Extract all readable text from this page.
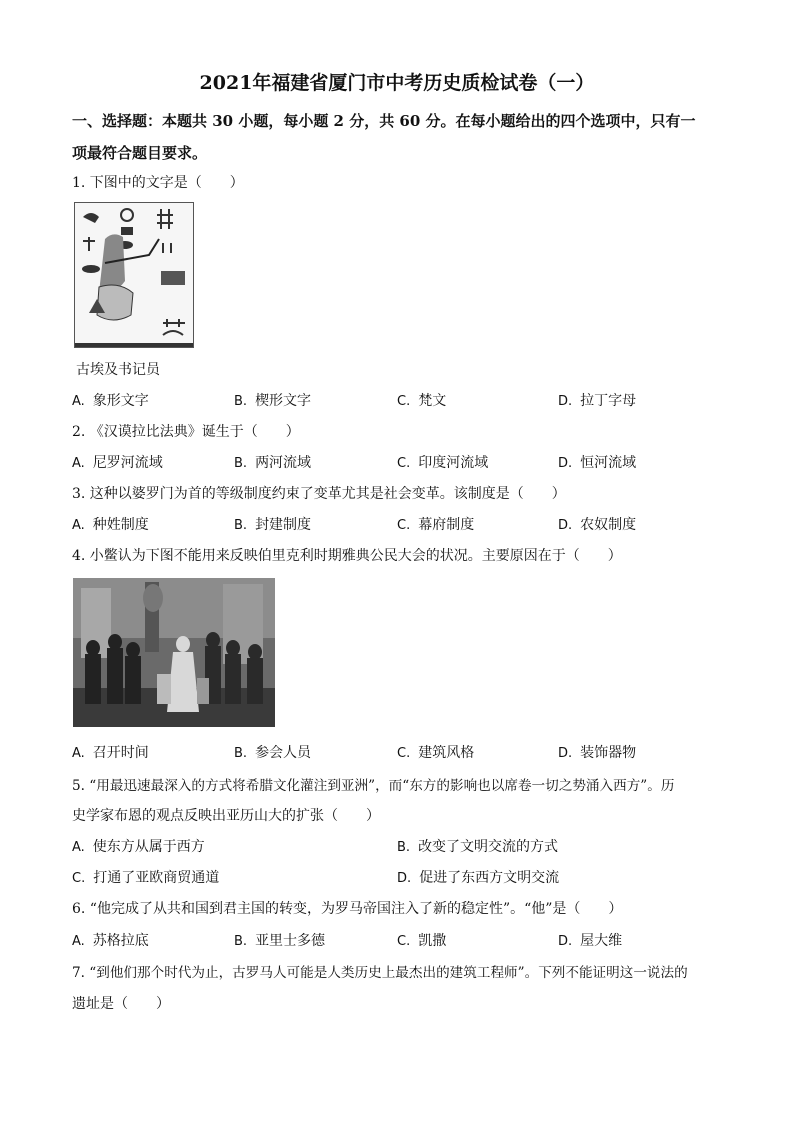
2021年福建省厦门市中考历史质检试卷（一）
一、选择题：本题共 30 小题，每小题 2 分，共 60 分。在每小题给出的四个选项中，只有一
项最符合题目要求。
1. 下图中的文字是（　　）
古埃及书记员
A. 象形文字	B. 楔形文字	C. 梵文	D. 拉丁字母
2. 《汉谟拉比法典》诞生于（　　）
A. 尼罗河流域	B. 两河流域	C. 印度河流域	D. 恒河流域
3. 这种以婆罗门为首的等级制度约束了变革尤其是社会变革。该制度是（　　）
A. 种姓制度	B. 封建制度	C. 幕府制度	D. 农奴制度
4. 小鳖认为下图不能用来反映伯里克利时期雅典公民大会的状况。主要原因在于（　　）
A. 召开时间	B. 参会人员	C. 建筑风格	D. 装饰器物
5. “用最迅速最深入的方式将希腊文化灌注到亚洲”，而“东方的影响也以席卷一切之势涌入西方”。历
史学家布恩的观点反映出亚历山大的扩张（　　）
A. 使东方从属于西方	B. 改变了文明交流的方式
C. 打通了亚欧商贸通道	D. 促进了东西方文明交流
6. “他完成了从共和国到君主国的转变，为罗马帝国注入了新的稳定性”。“他”是（　　）
A. 苏格拉底	B. 亚里士多德	C. 凯撒	D. 屋大维
7. “到他们那个时代为止，古罗马人可能是人类历史上最杰出的建筑工程师”。下列不能证明这一说法的
遗址是（　　）
